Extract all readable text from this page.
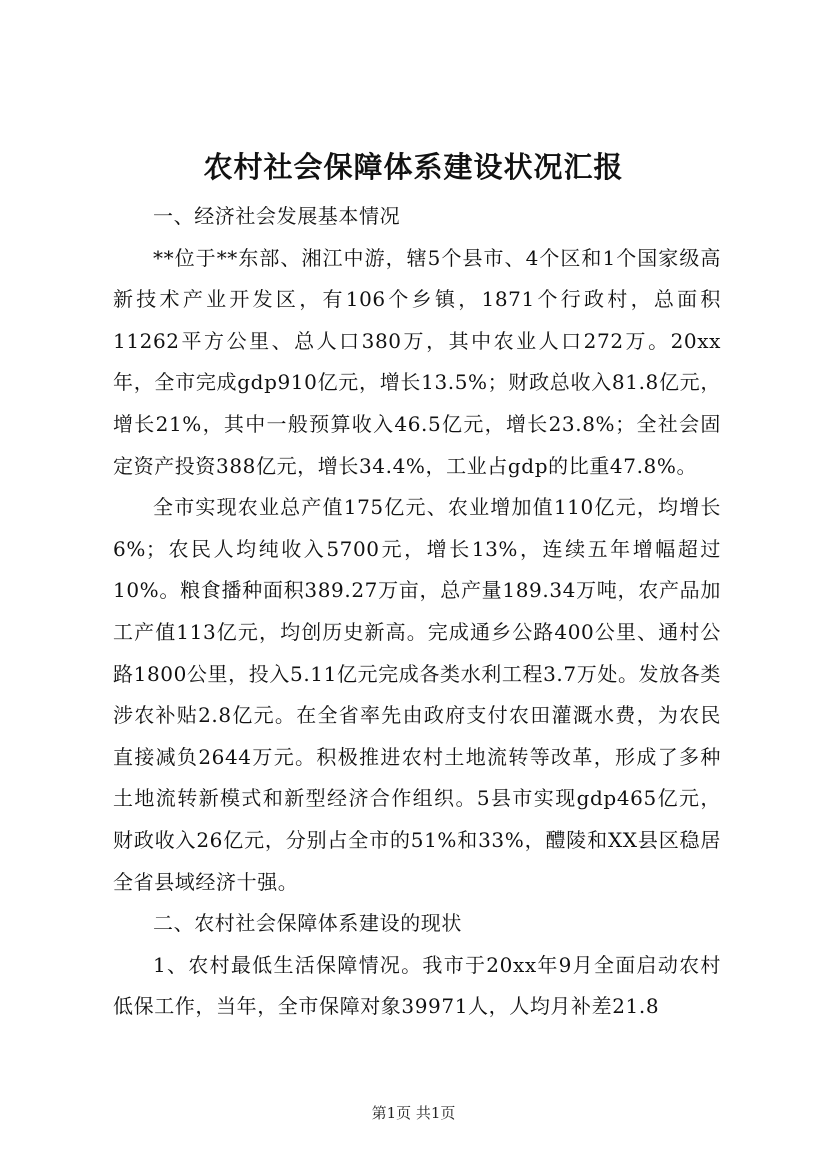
农村社会保障体系建设状况汇报

一、经济社会发展基本情况

**位于**东部、湘江中游，辖5个县市、4个区和1个国家级高新技术产业开发区，有106个乡镇，1871个行政村，总面积11262平方公里、总人口380万，其中农业人口272万。20xx年，全市完成gdp910亿元，增长13.5%；财政总收入81.8亿元，增长21%，其中一般预算收入46.5亿元，增长23.8%；全社会固定资产投资388亿元，增长34.4%，工业占gdp的比重47.8%。

全市实现农业总产值175亿元、农业增加值110亿元，均增长6%；农民人均纯收入5700元，增长13%，连续五年增幅超过10%。粮食播种面积389.27万亩，总产量189.34万吨，农产品加工产值113亿元，均创历史新高。完成通乡公路400公里、通村公路1800公里，投入5.11亿元完成各类水利工程3.7万处。发放各类涉农补贴2.8亿元。在全省率先由政府支付农田灌溉水费，为农民直接减负2644万元。积极推进农村土地流转等改革，形成了多种土地流转新模式和新型经济合作组织。5县市实现gdp465亿元，财政收入26亿元，分别占全市的51%和33%，醴陵和XX县区稳居全省县域经济十强。

二、农村社会保障体系建设的现状

1、农村最低生活保障情况。我市于20xx年9月全面启动农村低保工作，当年，全市保障对象39971人，人均月补差21.8

第1页 共1页
